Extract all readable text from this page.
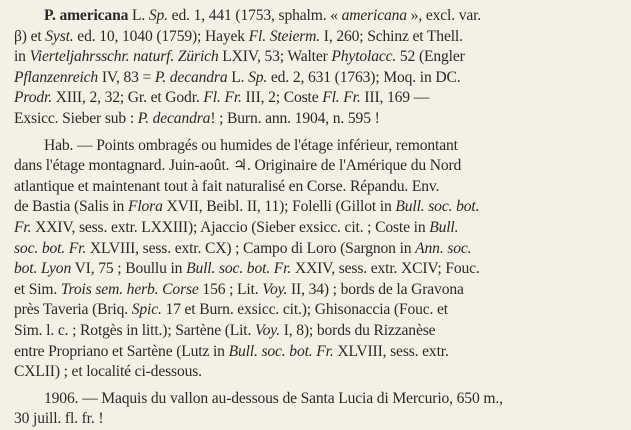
P. americana L. Sp. ed. 1, 441 (1753, sphalm. « americana », excl. var.
β) et Syst. ed. 10, 1040 (1759); Hayek Fl. Steierm. I, 260; Schinz et Thell.
in Vierteljahrsschr. naturf. Zürich LXIV, 53; Walter Phytolacc. 52 (Engler
Pflanzenreich IV, 83 = P. decandra L. Sp. ed. 2, 631 (1763); Moq. in DC.
Prodr. XIII, 2, 32; Gr. et Godr. Fl. Fr. III, 2; Coste Fl. Fr. III, 169 —
Exsicc. Sieber sub : P. decandra! ; Burn. ann. 1904, n. 595 !
Hab. — Points ombragés ou humides de l'étage inférieur, remontant
dans l'étage montagnard. Juin-août. ♃. Originaire de l'Amérique du Nord
atlantique et maintenant tout à fait naturalisé en Corse. Répandu. Env.
de Bastia (Salis in Flora XVII, Beibl. II, 11); Folelli (Gillot in Bull. soc. bot.
Fr. XXIV, sess. extr. LXXIII); Ajaccio (Sieber exsicc. cit. ; Coste in Bull.
soc. bot. Fr. XLVIII, sess. extr. CX) ; Campo di Loro (Sargnon in Ann. soc.
bot. Lyon VI, 75 ; Boullu in Bull. soc. bot. Fr. XXIV, sess. extr. XCIV; Fouc.
et Sim. Trois sem. herb. Corse 156 ; Lit. Voy. II, 34) ; bords de la Gravona
près Taveria (Briq. Spic. 17 et Burn. exsicc. cit.); Ghisonaccia (Fouc. et
Sim. l. c. ; Rotgès in litt.); Sartène (Lit. Voy. I, 8); bords du Rizzanèse
entre Propriano et Sartène (Lutz in Bull. soc. bot. Fr. XLVIII, sess. extr.
CXLII) ; et localité ci-dessous.
1906. — Maquis du vallon au-dessous de Santa Lucia di Mercurio, 650 m.,
30 juill. fl. fr. !
